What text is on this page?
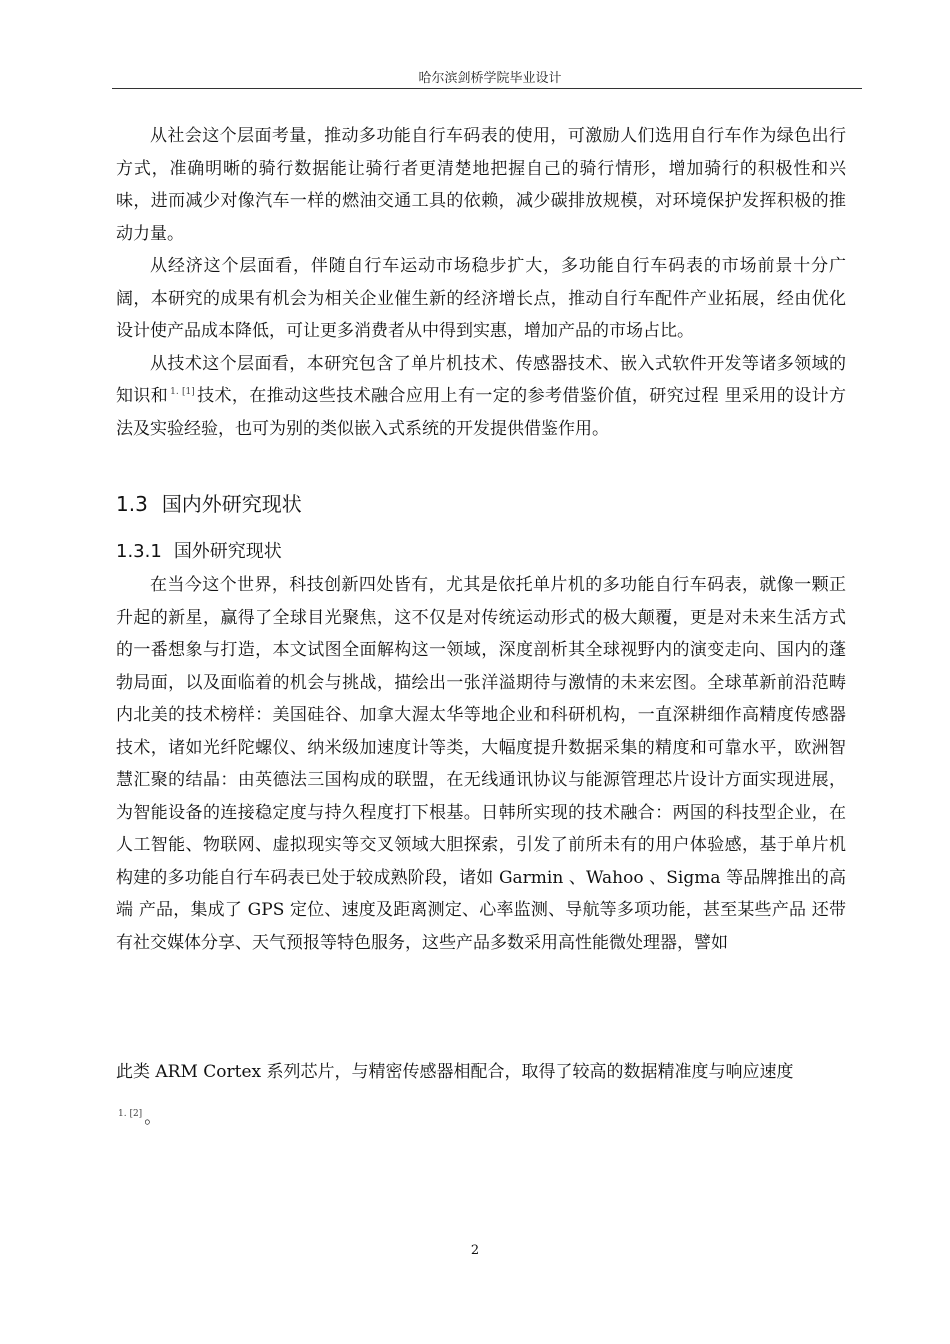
哈尔滨剑桥学院毕业设计

从社会这个层面考量，推动多功能自行车码表的使用，可激励人们选用自行车作为绿色出行方式，准确明晰的骑行数据能让骑行者更清楚地把握自己的骑行情形，增加骑行的积极性和兴味，进而减少对像汽车一样的燃油交通工具的依赖，减少碳排放规模，对环境保护发挥积极的推动力量。

从经济这个层面看，伴随自行车运动市场稳步扩大，多功能自行车码表的市场前景十分广阔，本研究的成果有机会为相关企业催生新的经济增长点，推动自行车配件产业拓展，经由优化设计使产品成本降低，可让更多消费者从中得到实惠，增加产品的市场占比。

从技术这个层面看，本研究包含了单片机技术、传感器技术、嵌入式软件开发等诸多领域的知识和 $^{1. [1]}$ 技术，在推动这些技术融合应用上有一定的参考借鉴价值，研究过程 里采用的设计方法及实验经验，也可为别的类似嵌入式系统的开发提供借鉴作用。

1.3 国内外研究现状
1.3.1 国外研究现状

在当今这个世界，科技创新四处皆有，尤其是依托单片机的多功能自行车码表，就像一颗正升起的新星，赢得了全球目光聚焦，这不仅是对传统运动形式的极大颠覆，更是对未来生活方式的一番想象与打造，本文试图全面解构这一领域，深度剖析其全球视野内的演变走向、国内的蓬勃局面，以及面临着的机会与挑战，描绘出一张洋溢期待与激情的未来宏图。全球革新前沿范畴内北美的技术榜样：美国硅谷、加拿大渥太华等地企业和科研机构，一直深耕细作高精度传感器技术，诸如光纤陀螺仪、纳米级加速度计等类，大幅度提升数据采集的精度和可靠水平，欧洲智慧汇聚的结晶：由英德法三国构成的联盟，在无线通讯协议与能源管理芯片设计方面实现进展，为智能设备的连接稳定度与持久程度打下根基。日韩所实现的技术融合：两国的科技型企业，在人工智能、物联网、虚拟现实等交叉领域大胆探索，引发了前所未有的用户体验感，基于单片机构建的多功能自行车码表已处于较成熟阶段，诸如 Garmin 、Wahoo 、Sigma 等品牌推出的高端 产品，集成了 GPS 定位、速度及距离测定、心率监测、导航等多项功能，甚至某些产品 还带有社交媒体分享、天气预报等特色服务，这些产品多数采用高性能微处理器，譬如

此类 ARM Cortex 系列芯片，与精密传感器相配合，取得了较高的数据精准度与响应速度
$^{1. [2]}$ 。
2
